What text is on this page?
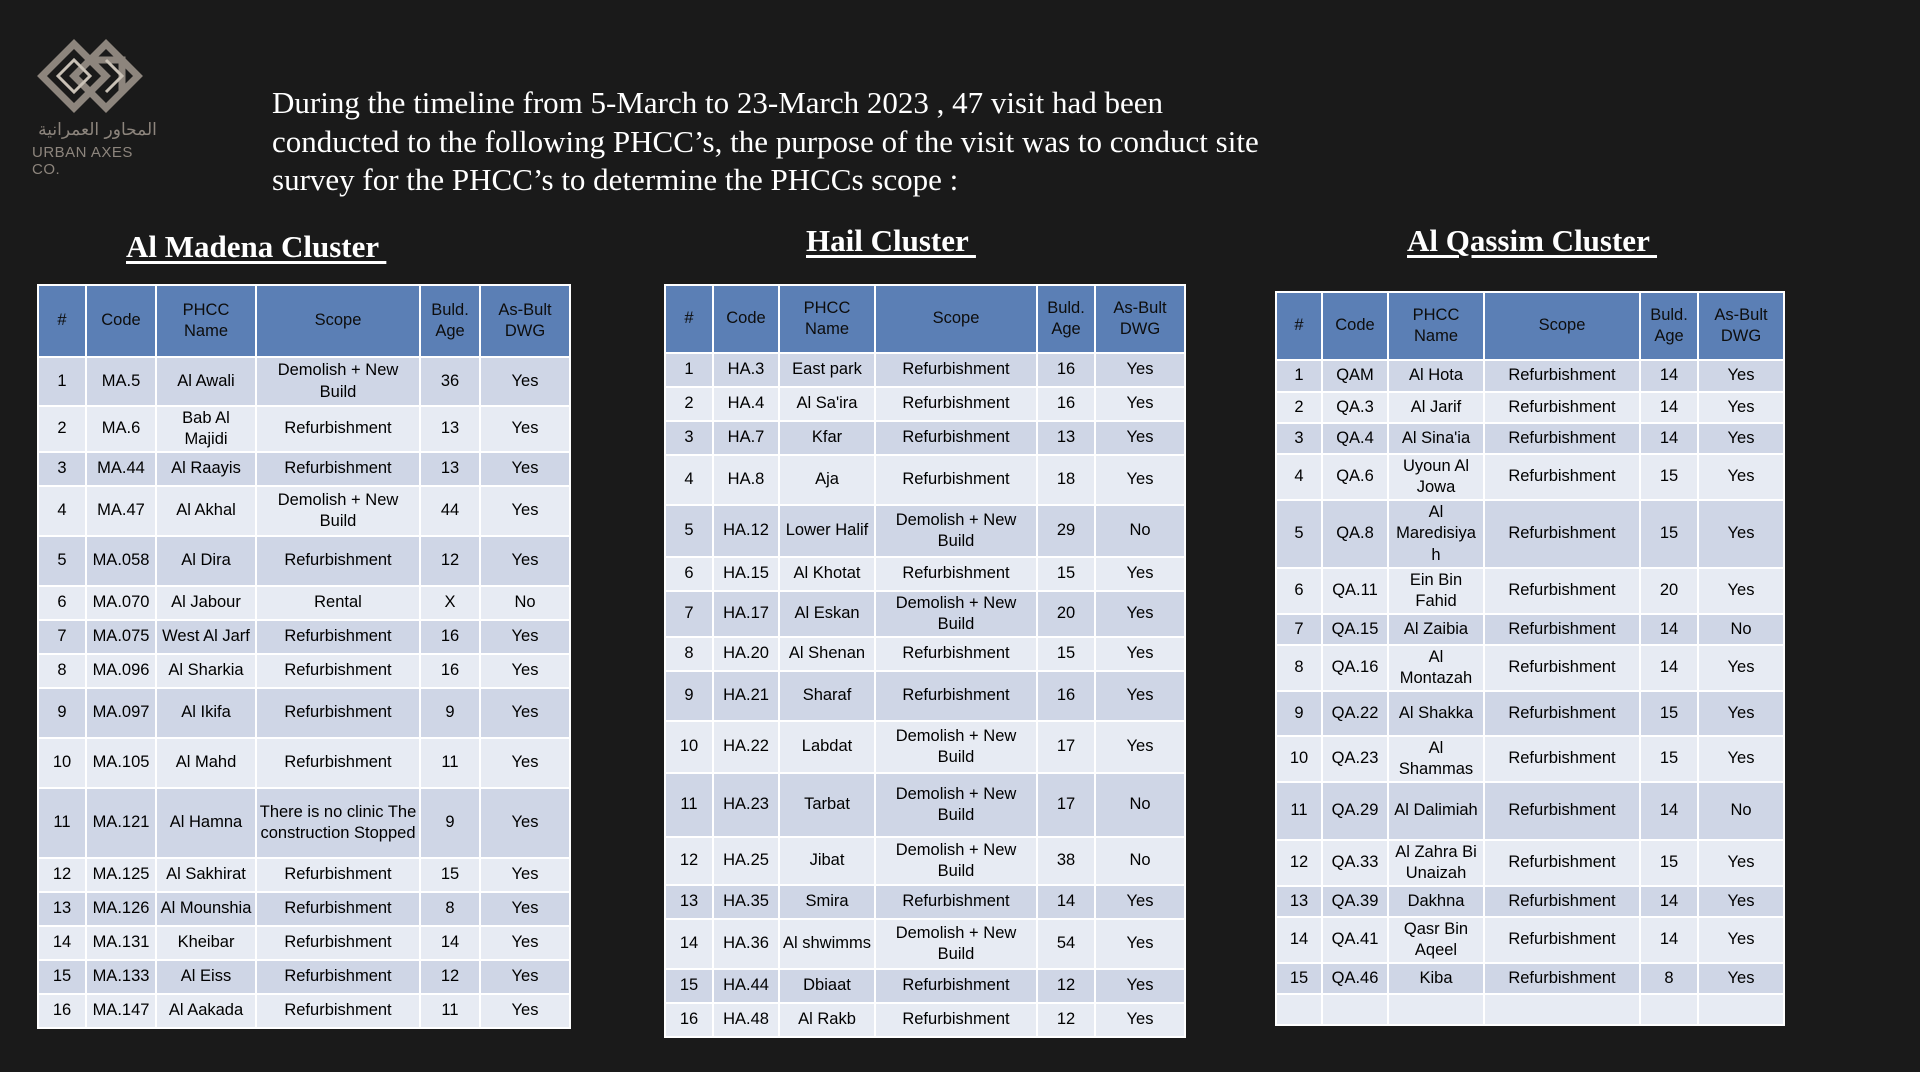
المحاور العمرانية
URBAN AXES CO.
During the timeline from 5-March to 23-March 2023 , 47 visit had been conducted to the following PHCC’s, the purpose of the visit was to conduct site survey for the PHCC’s to determine the PHCCs scope :
Al Madena Cluster	Hail Cluster	Al Qassim Cluster
#	Code	PHCC Name	Scope	Buld. Age	As-Bult DWG
1	MA.5	Al Awali	Demolish + New Build	36	Yes
2	MA.6	Bab Al Majidi	Refurbishment	13	Yes
3	MA.44	Al Raayis	Refurbishment	13	Yes
4	MA.47	Al Akhal	Demolish + New Build	44	Yes
5	MA.058	Al Dira	Refurbishment	12	Yes
6	MA.070	Al Jabour	Rental	X	No
7	MA.075	West Al Jarf	Refurbishment	16	Yes
8	MA.096	Al Sharkia	Refurbishment	16	Yes
9	MA.097	Al Ikifa	Refurbishment	9	Yes
10	MA.105	Al Mahd	Refurbishment	11	Yes
11	MA.121	Al Hamna	There is no clinic The construction Stopped	9	Yes
12	MA.125	Al Sakhirat	Refurbishment	15	Yes
13	MA.126	Al Mounshia	Refurbishment	8	Yes
14	MA.131	Kheibar	Refurbishment	14	Yes
15	MA.133	Al Eiss	Refurbishment	12	Yes
16	MA.147	Al Aakada	Refurbishment	11	Yes
#	Code	PHCC Name	Scope	Buld. Age	As-Bult DWG
1	HA.3	East park	Refurbishment	16	Yes
2	HA.4	Al Sa'ira	Refurbishment	16	Yes
3	HA.7	Kfar	Refurbishment	13	Yes
4	HA.8	Aja	Refurbishment	18	Yes
5	HA.12	Lower Halif	Demolish + New Build	29	No
6	HA.15	Al Khotat	Refurbishment	15	Yes
7	HA.17	Al Eskan	Demolish + New Build	20	Yes
8	HA.20	Al Shenan	Refurbishment	15	Yes
9	HA.21	Sharaf	Refurbishment	16	Yes
10	HA.22	Labdat	Demolish + New Build	17	Yes
11	HA.23	Tarbat	Demolish + New Build	17	No
12	HA.25	Jibat	Demolish + New Build	38	No
13	HA.35	Smira	Refurbishment	14	Yes
14	HA.36	Al shwimms	Demolish + New Build	54	Yes
15	HA.44	Dbiaat	Refurbishment	12	Yes
16	HA.48	Al Rakb	Refurbishment	12	Yes
#	Code	PHCC Name	Scope	Buld. Age	As-Bult DWG
1	QAM	Al Hota	Refurbishment	14	Yes
2	QA.3	Al Jarif	Refurbishment	14	Yes
3	QA.4	Al Sina'ia	Refurbishment	14	Yes
4	QA.6	Uyoun Al Jowa	Refurbishment	15	Yes
5	QA.8	Al Maredisiya h	Refurbishment	15	Yes
6	QA.11	Ein Bin Fahid	Refurbishment	20	Yes
7	QA.15	Al Zaibia	Refurbishment	14	No
8	QA.16	Al Montazah	Refurbishment	14	Yes
9	QA.22	Al Shakka	Refurbishment	15	Yes
10	QA.23	Al Shammas	Refurbishment	15	Yes
11	QA.29	Al Dalimiah	Refurbishment	14	No
12	QA.33	Al Zahra Bi Unaizah	Refurbishment	15	Yes
13	QA.39	Dakhna	Refurbishment	14	Yes
14	QA.41	Qasr Bin Aqeel	Refurbishment	14	Yes
15	QA.46	Kiba	Refurbishment	8	Yes
